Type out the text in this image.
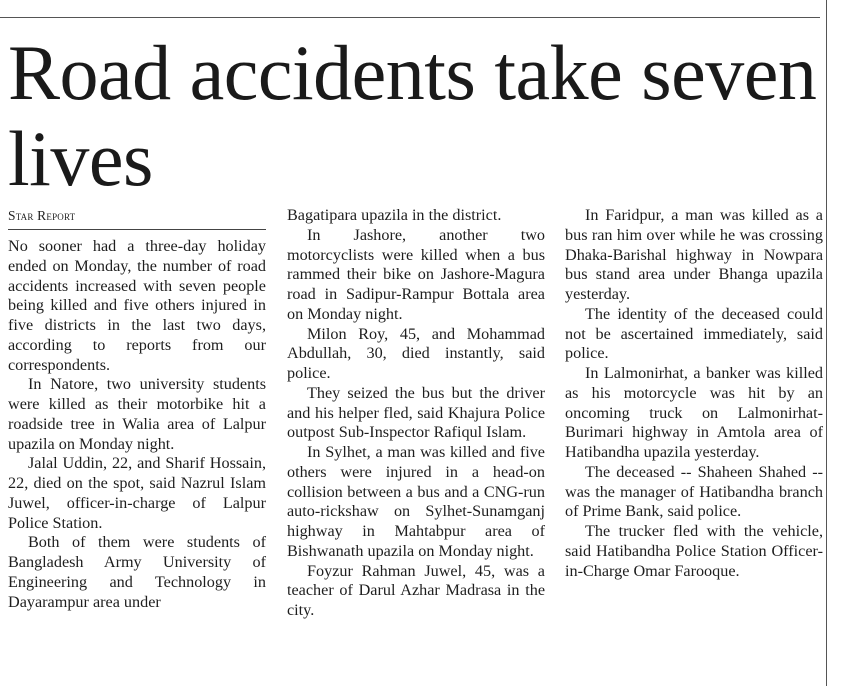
Road accidents take seven lives
Star Report

No sooner had a three-day holiday ended on Monday, the number of road accidents increased with seven people being killed and five others injured in five districts in the last two days, according to reports from our correspondents.

In Natore, two university students were killed as their motorbike hit a roadside tree in Walia area of Lalpur upazila on Monday night.

Jalal Uddin, 22, and Sharif Hossain, 22, died on the spot, said Nazrul Islam Juwel, officer-in-charge of Lalpur Police Station.

Both of them were students of Bangladesh Army University of Engineering and Technology in Dayarampur area under

Bagatipara upazila in the district.

In Jashore, another two motorcyclists were killed when a bus rammed their bike on Jashore-Magura road in Sadipur-Rampur Bottala area on Monday night.

Milon Roy, 45, and Mohammad Abdullah, 30, died instantly, said police.

They seized the bus but the driver and his helper fled, said Khajura Police outpost Sub-Inspector Rafiqul Islam.

In Sylhet, a man was killed and five others were injured in a head-on collision between a bus and a CNG-run auto-rickshaw on Sylhet-Sunamganj highway in Mahtabpur area of Bishwanath upazila on Monday night.

Foyzur Rahman Juwel, 45, was a teacher of Darul Azhar Madrasa in the city.

In Faridpur, a man was killed as a bus ran him over while he was crossing Dhaka-Barishal highway in Nowpara bus stand area under Bhanga upazila yesterday.

The identity of the deceased could not be ascertained immediately, said police.

In Lalmonirhat, a banker was killed as his motorcycle was hit by an oncoming truck on Lalmonirhat-Burimari highway in Amtola area of Hatibandha upazila yesterday.

The deceased -- Shaheen Shahed -- was the manager of Hatibandha branch of Prime Bank, said police.

The trucker fled with the vehicle, said Hatibandha Police Station Officer-in-Charge Omar Farooque.
